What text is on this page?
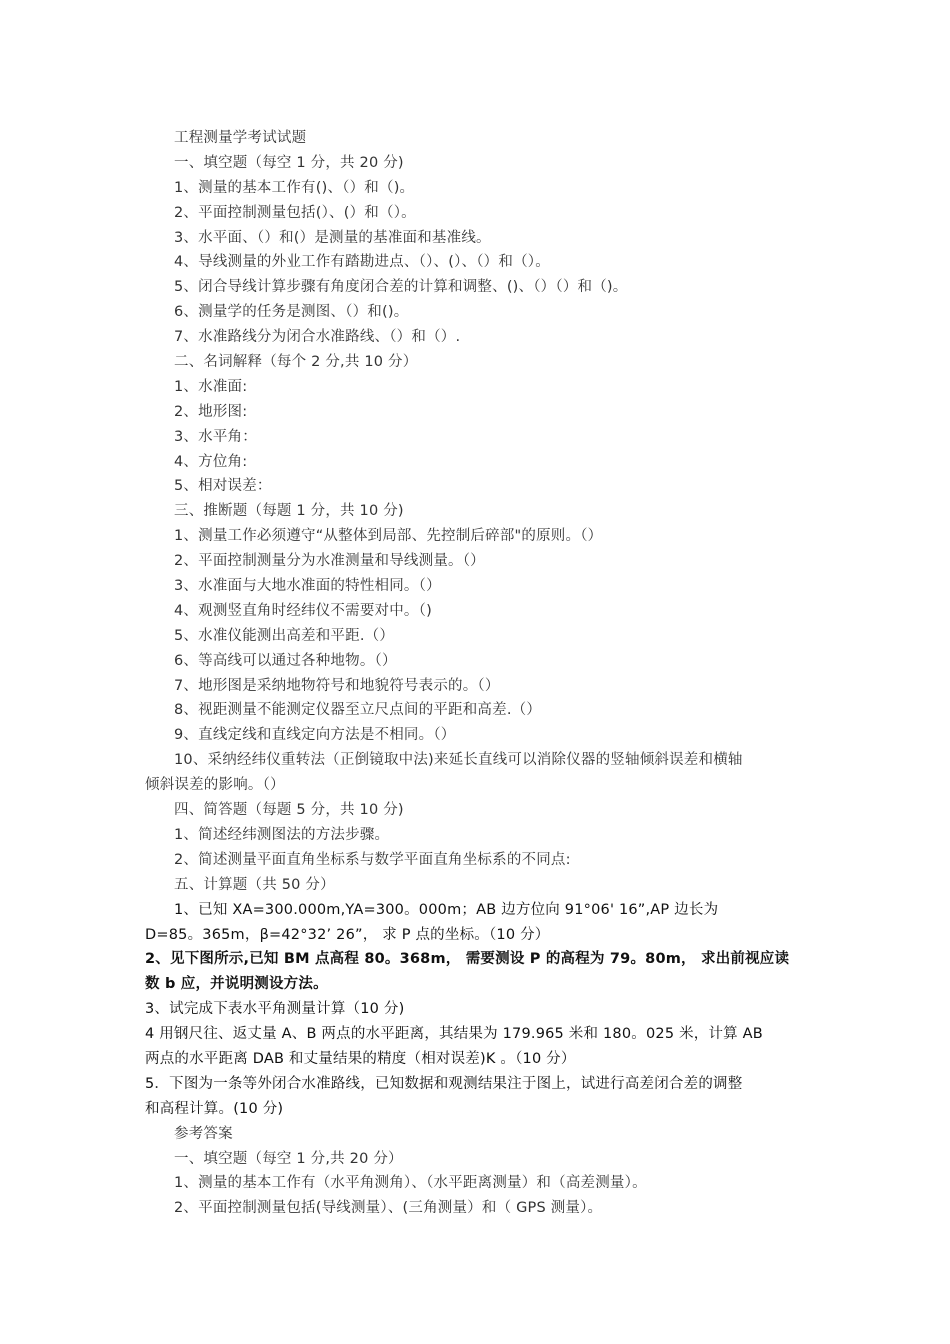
工程测量学考试试题
一、填空题（每空 1 分，共 20 分)
1、测量的基本工作有()、（）和（)。
2、平面控制测量包括(）、(）和（）。
3、水平面、（）和(）是测量的基准面和基准线。
4、导线测量的外业工作有踏勘进点、（）、(）、（）和（）。
5、闭合导线计算步骤有角度闭合差的计算和调整、()、（）（）和（)。
6、测量学的任务是测图、（）和()。
7、水准路线分为闭合水准路线、（）和（）.
二、名词解释（每个 2 分,共 10 分）
1、水准面:
2、地形图:
3、水平角：
4、方位角:
5、相对误差：
三、推断题（每题 1 分，共 10 分)
1、测量工作必须遵守“从整体到局部、先控制后碎部"的原则。（）
2、平面控制测量分为水准测量和导线测量。（）
3、水准面与大地水准面的特性相同。（）
4、观测竖直角时经纬仪不需要对中。（)
5、水准仪能测出高差和平距.（）
6、等高线可以通过各种地物。（）
7、地形图是采纳地物符号和地貌符号表示的。（）
8、视距测量不能测定仪器至立尺点间的平距和高差.（）
9、直线定线和直线定向方法是不相同。（）
10、采纳经纬仪重转法（正倒镜取中法)来延长直线可以消除仪器的竖轴倾斜误差和横轴
倾斜误差的影响。（）
四、简答题（每题 5 分，共 10 分)
1、简述经纬测图法的方法步骤。
2、简述测量平面直角坐标系与数学平面直角坐标系的不同点:
五、计算题（共 50 分）
1、已知 XA=300.000m,YA=300。000m；AB 边方位向 91°06' 16”,AP 边长为
D=85。365m，β=42°32’ 26”， 求 P 点的坐标。（10 分）
2、见下图所示,已知 BM 点高程 80。368m， 需要测设 P 的高程为 79。80m， 求出前视应读
数 b 应，并说明测设方法。
3、试完成下表水平角测量计算（10 分)
4 用钢尺往、返丈量 A、B 两点的水平距离，其结果为 179.965 米和 180。025 米，计算 AB
两点的水平距离 DAB 和丈量结果的精度（相对误差)K 。（10 分）
5．下图为一条等外闭合水准路线，已知数据和观测结果注于图上，试进行高差闭合差的调整
和高程计算。(10 分)
参考答案
一、填空题（每空 1 分,共 20 分）
1、测量的基本工作有（水平角测角）、（水平距离测量）和（高差测量）。
2、平面控制测量包括(导线测量）、(三角测量）和（ GPS 测量）。
